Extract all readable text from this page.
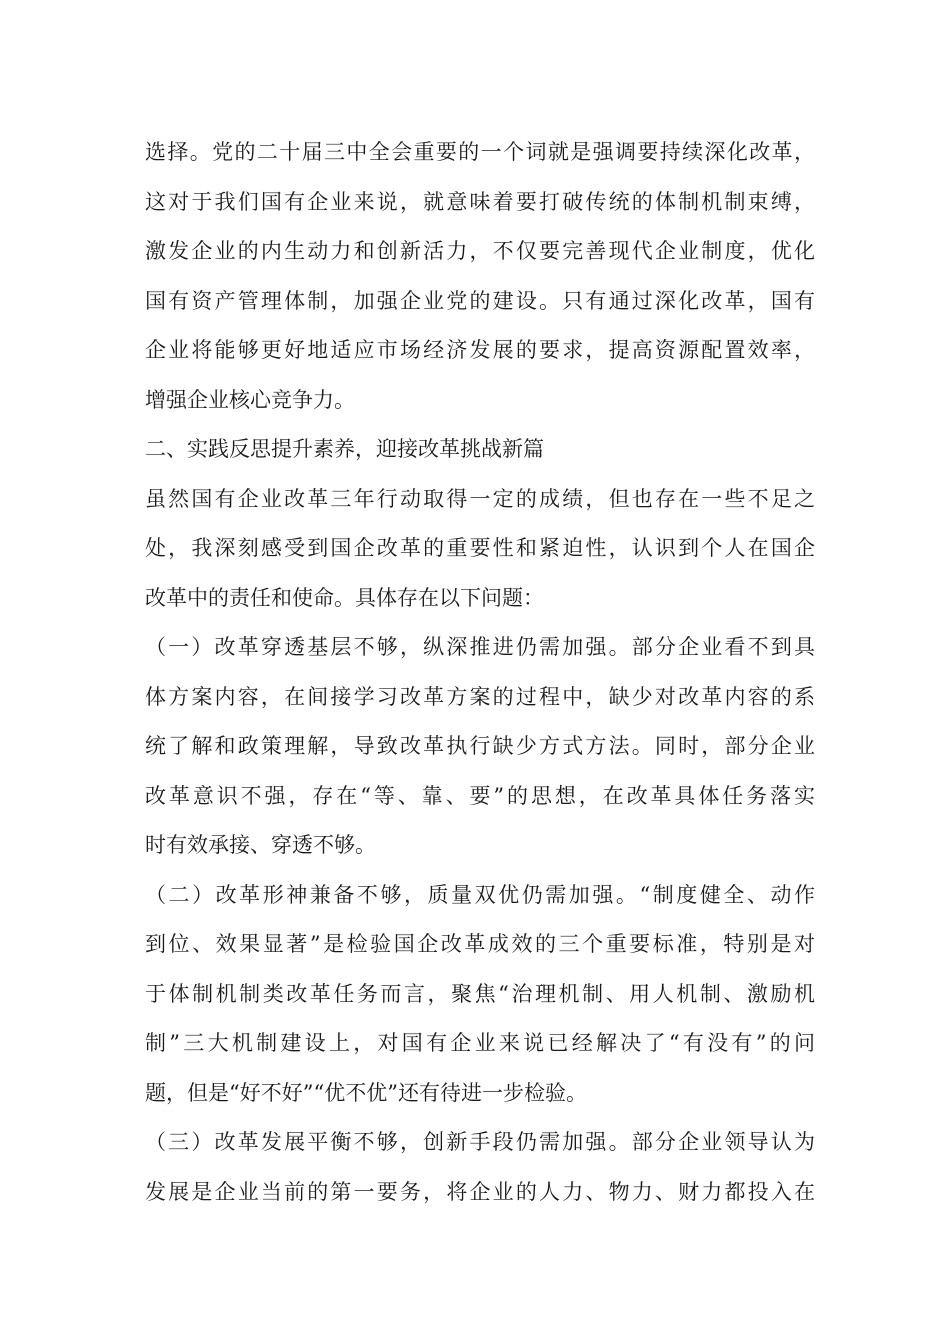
选择。党的二十届三中全会重要的一个词就是强调要持续深化改革，
这对于我们国有企业来说，就意味着要打破传统的体制机制束缚，
激发企业的内生动力和创新活力，不仅要完善现代企业制度，优化
国有资产管理体制，加强企业党的建设。只有通过深化改革，国有
企业将能够更好地适应市场经济发展的要求，提高资源配置效率，
增强企业核心竞争力。
二、实践反思提升素养，迎接改革挑战新篇
虽然国有企业改革三年行动取得一定的成绩，但也存在一些不足之
处，我深刻感受到国企改革的重要性和紧迫性，认识到个人在国企
改革中的责任和使命。具体存在以下问题：
（一）改革穿透基层不够，纵深推进仍需加强。部分企业看不到具
体方案内容，在间接学习改革方案的过程中，缺少对改革内容的系
统了解和政策理解，导致改革执行缺少方式方法。同时，部分企业
改革意识不强，存在“等、靠、要”的思想，在改革具体任务落实
时有效承接、穿透不够。
（二）改革形神兼备不够，质量双优仍需加强。“制度健全、动作
到位、效果显著”是检验国企改革成效的三个重要标准，特别是对
于体制机制类改革任务而言，聚焦“治理机制、用人机制、激励机
制”三大机制建设上，对国有企业来说已经解决了“有没有”的问
题，但是“好不好”“优不优”还有待进一步检验。
（三）改革发展平衡不够，创新手段仍需加强。部分企业领导认为
发展是企业当前的第一要务，将企业的人力、物力、财力都投入在
